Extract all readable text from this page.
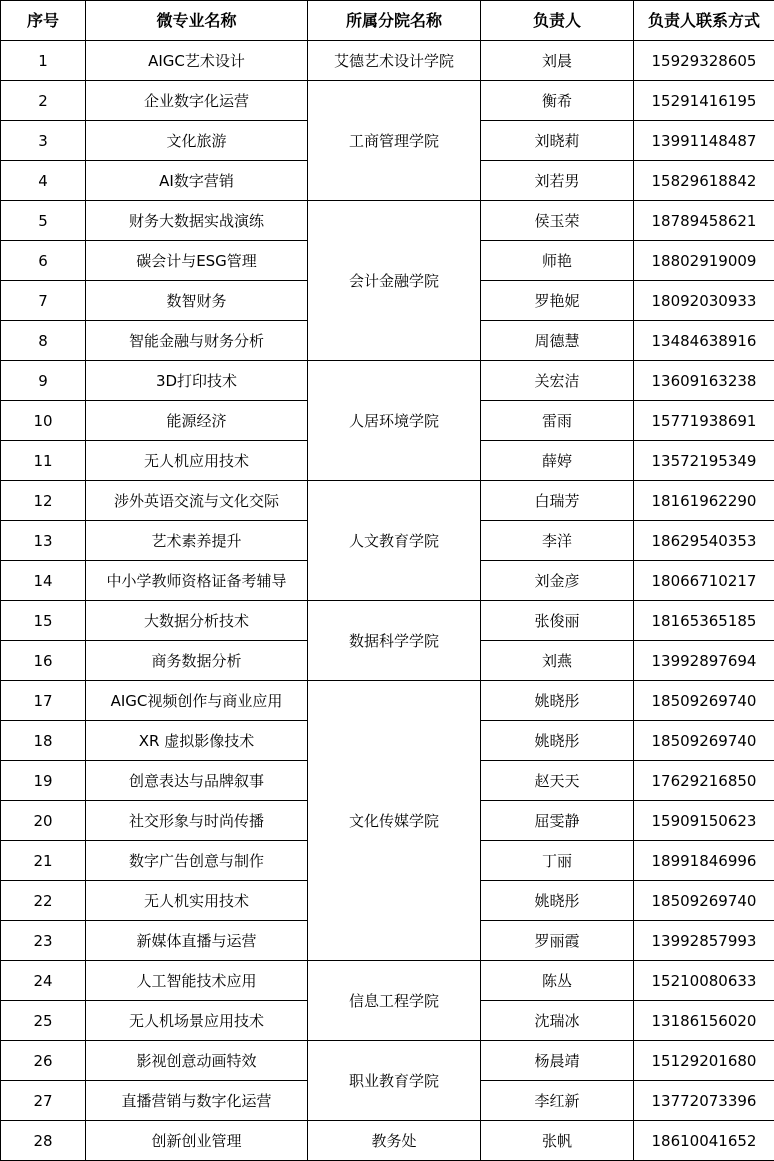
序号	微专业名称	所属分院名称	负责人	负责人联系方式
1	AIGC艺术设计	艾德艺术设计学院	刘晨	15929328605
2	企业数字化运营	工商管理学院	衡希	15291416195
3	文化旅游		刘晓莉	13991148487
4	AI数字营销		刘若男	15829618842
5	财务大数据实战演练	会计金融学院	侯玉荣	18789458621
6	碳会计与ESG管理		师艳	18802919009
7	数智财务		罗艳妮	18092030933
8	智能金融与财务分析		周德慧	13484638916
9	3D打印技术	人居环境学院	关宏洁	13609163238
10	能源经济		雷雨	15771938691
11	无人机应用技术		薛婷	13572195349
12	涉外英语交流与文化交际	人文教育学院	白瑞芳	18161962290
13	艺术素养提升		李洋	18629540353
14	中小学教师资格证备考辅导		刘金彦	18066710217
15	大数据分析技术	数据科学学院	张俊丽	18165365185
16	商务数据分析		刘燕	13992897694
17	AIGC视频创作与商业应用	文化传媒学院	姚晓彤	18509269740
18	XR 虚拟影像技术		姚晓彤	18509269740
19	创意表达与品牌叙事		赵天天	17629216850
20	社交形象与时尚传播		屈雯静	15909150623
21	数字广告创意与制作		丁丽	18991846996
22	无人机实用技术		姚晓彤	18509269740
23	新媒体直播与运营		罗丽霞	13992857993
24	人工智能技术应用	信息工程学院	陈丛	15210080633
25	无人机场景应用技术		沈瑞冰	13186156020
26	影视创意动画特效	职业教育学院	杨晨靖	15129201680
27	直播营销与数字化运营		李红新	13772073396
28	创新创业管理	教务处	张帆	18610041652
